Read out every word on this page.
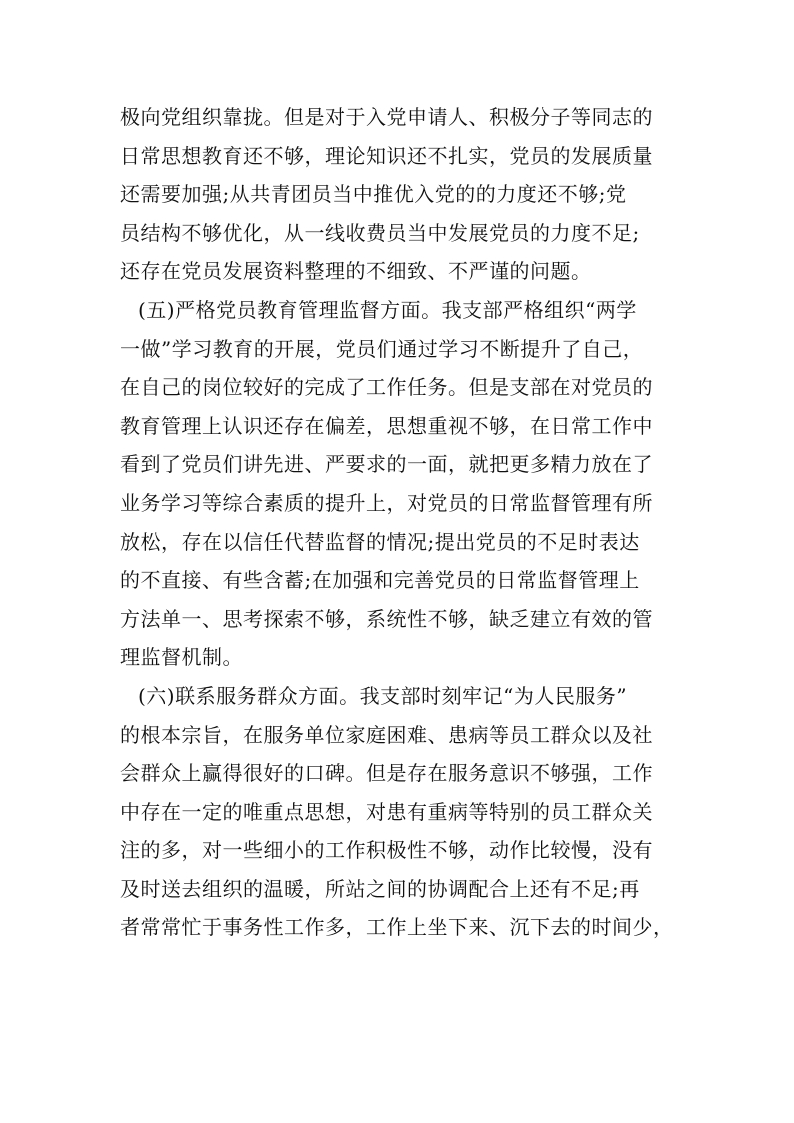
极向党组织靠拢。但是对于入党申请人、积极分子等同志的
日常思想教育还不够，理论知识还不扎实，党员的发展质量
还需要加强;从共青团员当中推优入党的的力度还不够;党
员结构不够优化，从一线收费员当中发展党员的力度不足;
还存在党员发展资料整理的不细致、不严谨的问题。
(五)严格党员教育管理监督方面。我支部严格组织“两学
一做”学习教育的开展，党员们通过学习不断提升了自己，
在自己的岗位较好的完成了工作任务。但是支部在对党员的
教育管理上认识还存在偏差，思想重视不够，在日常工作中
看到了党员们讲先进、严要求的一面，就把更多精力放在了
业务学习等综合素质的提升上，对党员的日常监督管理有所
放松，存在以信任代替监督的情况;提出党员的不足时表达
的不直接、有些含蓄;在加强和完善党员的日常监督管理上
方法单一、思考探索不够，系统性不够，缺乏建立有效的管
理监督机制。
(六)联系服务群众方面。我支部时刻牢记“为人民服务”
的根本宗旨，在服务单位家庭困难、患病等员工群众以及社
会群众上赢得很好的口碑。但是存在服务意识不够强，工作
中存在一定的唯重点思想，对患有重病等特别的员工群众关
注的多，对一些细小的工作积极性不够，动作比较慢，没有
及时送去组织的温暖，所站之间的协调配合上还有不足;再
者常常忙于事务性工作多，工作上坐下来、沉下去的时间少，
